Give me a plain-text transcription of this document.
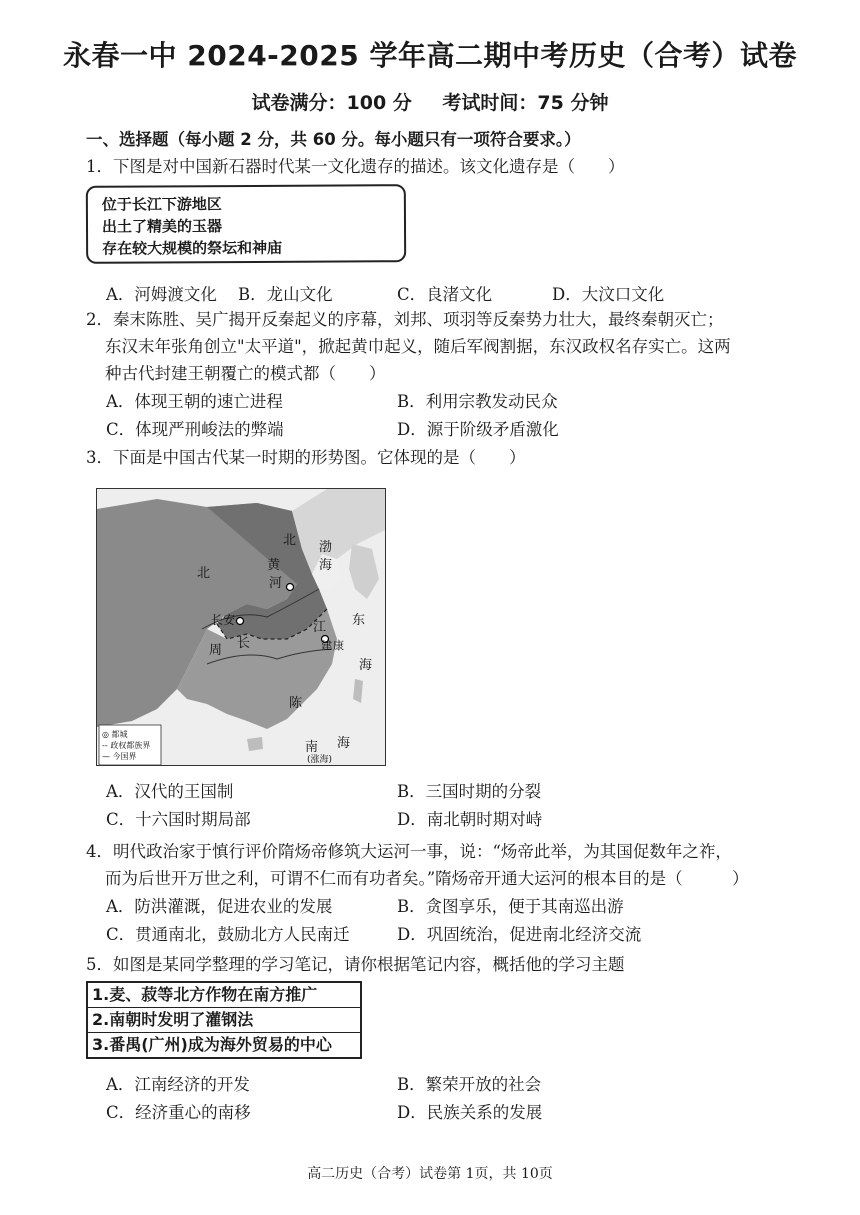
永春一中 2024-2025 学年高二期中考历史（合考）试卷
试卷满分：100 分 考试时间：75 分钟
一、选择题（每小题 2 分，共 60 分。每小题只有一项符合要求。）
1．下图是对中国新石器时代某一文化遗存的描述。该文化遗存是（　　）
位于长江下游地区
出土了精美的玉器
存在较大规模的祭坛和神庙
A．河姆渡文化 B．龙山文化	C．良渚文化	D．大汶口文化
2．秦末陈胜、吴广揭开反秦起义的序幕，刘邦、项羽等反秦势力壮大，最终秦朝灭亡；
东汉末年张角创立"太平道"，掀起黄巾起义，随后军阀割据，东汉政权名存实亡。这两
种古代封建王朝覆亡的模式都（　　）
A．体现王朝的速亡进程	B．利用宗教发动民众
C．体现严刑峻法的弊端	D．源于阶级矛盾激化
3．下面是中国古代某一时期的形势图。它体现的是（　　）
北
北 渤
海
黄
河
长安
周 长
江 东
海
建 康
陈
南 海
(涨海)
◎ 都城
-- 政权都族界
— 今国界
A．汉代的王国制	B．三国时期的分裂
C．十六国时期局部	D．南北朝时期对峙
4．明代政治家于慎行评价隋炀帝修筑大运河一事，说：“炀帝此举，为其国促数年之祚，
而为后世开万世之利，可谓不仁而有功者矣。”隋炀帝开通大运河的根本目的是（　　　）
A．防洪灌溉，促进农业的发展	B．贪图享乐，便于其南巡出游
C．贯通南北，鼓励北方人民南迁	D．巩固统治，促进南北经济交流
5．如图是某同学整理的学习笔记，请你根据笔记内容，概括他的学习主题
1.麦、菽等北方作物在南方推广
2.南朝时发明了灌钢法
3.番禺(广州)成为海外贸易的中心
A．江南经济的开发	B．繁荣开放的社会
C．经济重心的南移	D．民族关系的发展
高二历史（合考）试卷第 1页，共 10页
